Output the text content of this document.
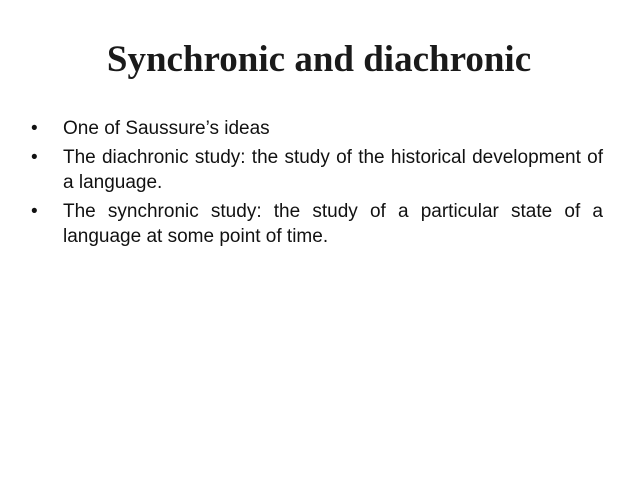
Synchronic and diachronic
•	One of Saussure’s ideas
•	The diachronic study: the study of the historical development of a language.
•	The synchronic study: the study of a particular state of a language at some point of time.
